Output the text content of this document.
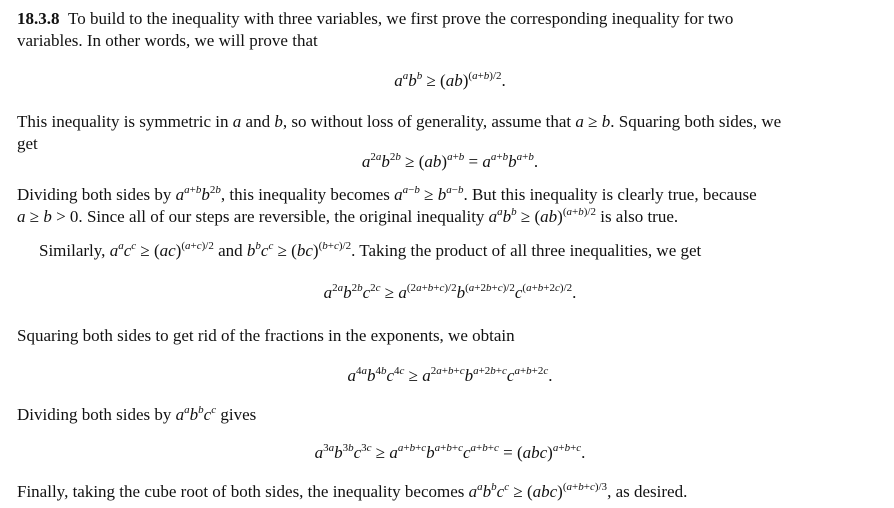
18.3.8 To build to the inequality with three variables, we first prove the corresponding inequality for two
variables. In other words, we will prove that
$a^ab^b \ge (ab)^{(a+b)/2}$.
This inequality is symmetric in a and b, so without loss of generality, assume that a ≥ b. Squaring both sides, we
get
$a^{2a}b^{2b} \ge (ab)^{a+b} = a^{a+b}b^{a+b}$.
Dividing both sides by $a^{a+b}b^{2b}$, this inequality becomes $a^{a-b} \ge b^{a-b}$. But this inequality is clearly true, because
a ≥ b > 0. Since all of our steps are reversible, the original inequality $a^ab^b \ge (ab)^{(a+b)/2}$ is also true.
Similarly, $a^ac^c \ge (ac)^{(a+c)/2}$ and $b^bc^c \ge (bc)^{(b+c)/2}$. Taking the product of all three inequalities, we get
$a^{2a}b^{2b}c^{2c} \ge a^{(2a+b+c)/2}b^{(a+2b+c)/2}c^{(a+b+2c)/2}$.
Squaring both sides to get rid of the fractions in the exponents, we obtain
$a^{4a}b^{4b}c^{4c} \ge a^{2a+b+c}b^{a+2b+c}c^{a+b+2c}$.
Dividing both sides by $a^ab^bc^c$ gives
$a^{3a}b^{3b}c^{3c} \ge a^{a+b+c}b^{a+b+c}c^{a+b+c} = (abc)^{a+b+c}$.
Finally, taking the cube root of both sides, the inequality becomes $a^ab^bc^c \ge (abc)^{(a+b+c)/3}$, as desired.
